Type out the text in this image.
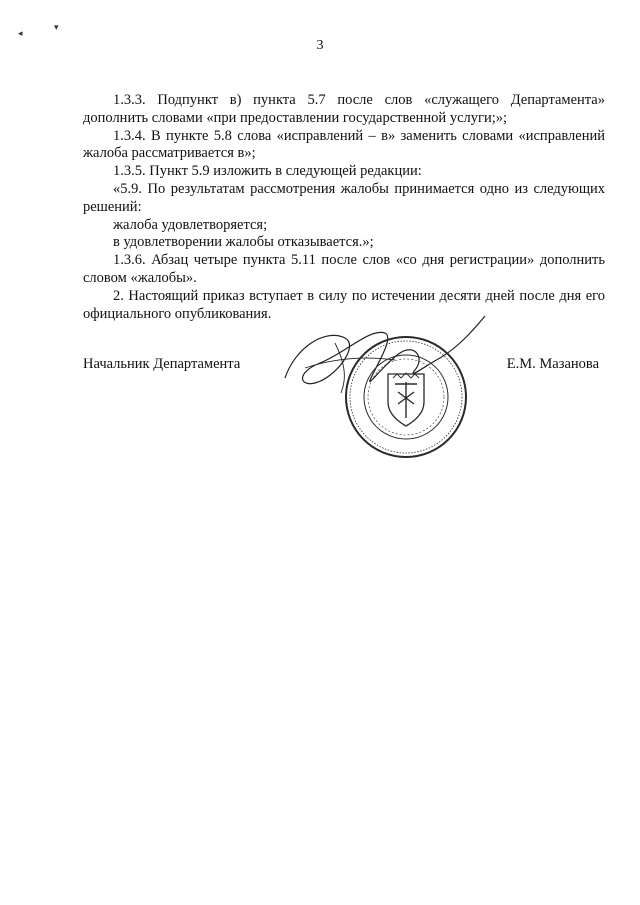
◂
▾
3

1.3.3. Подпункт в) пункта 5.7 после слов «служащего Департамента» дополнить словами «при предоставлении государственной услуги;»;

1.3.4. В пункте 5.8 слова «исправлений – в» заменить словами «исправлений жалоба рассматривается в»;

1.3.5. Пункт 5.9 изложить в следующей редакции:

«5.9. По результатам рассмотрения жалобы принимается одно из следующих решений:

жалоба удовлетворяется;

в удовлетворении жалобы отказывается.»;

1.3.6. Абзац четыре пункта 5.11 после слов «со дня регистрации» дополнить словом «жалобы».

2. Настоящий приказ вступает в силу по истечении десяти дней после дня его официального опубликования.

Начальник Департамента	Е.М. Мазанова
